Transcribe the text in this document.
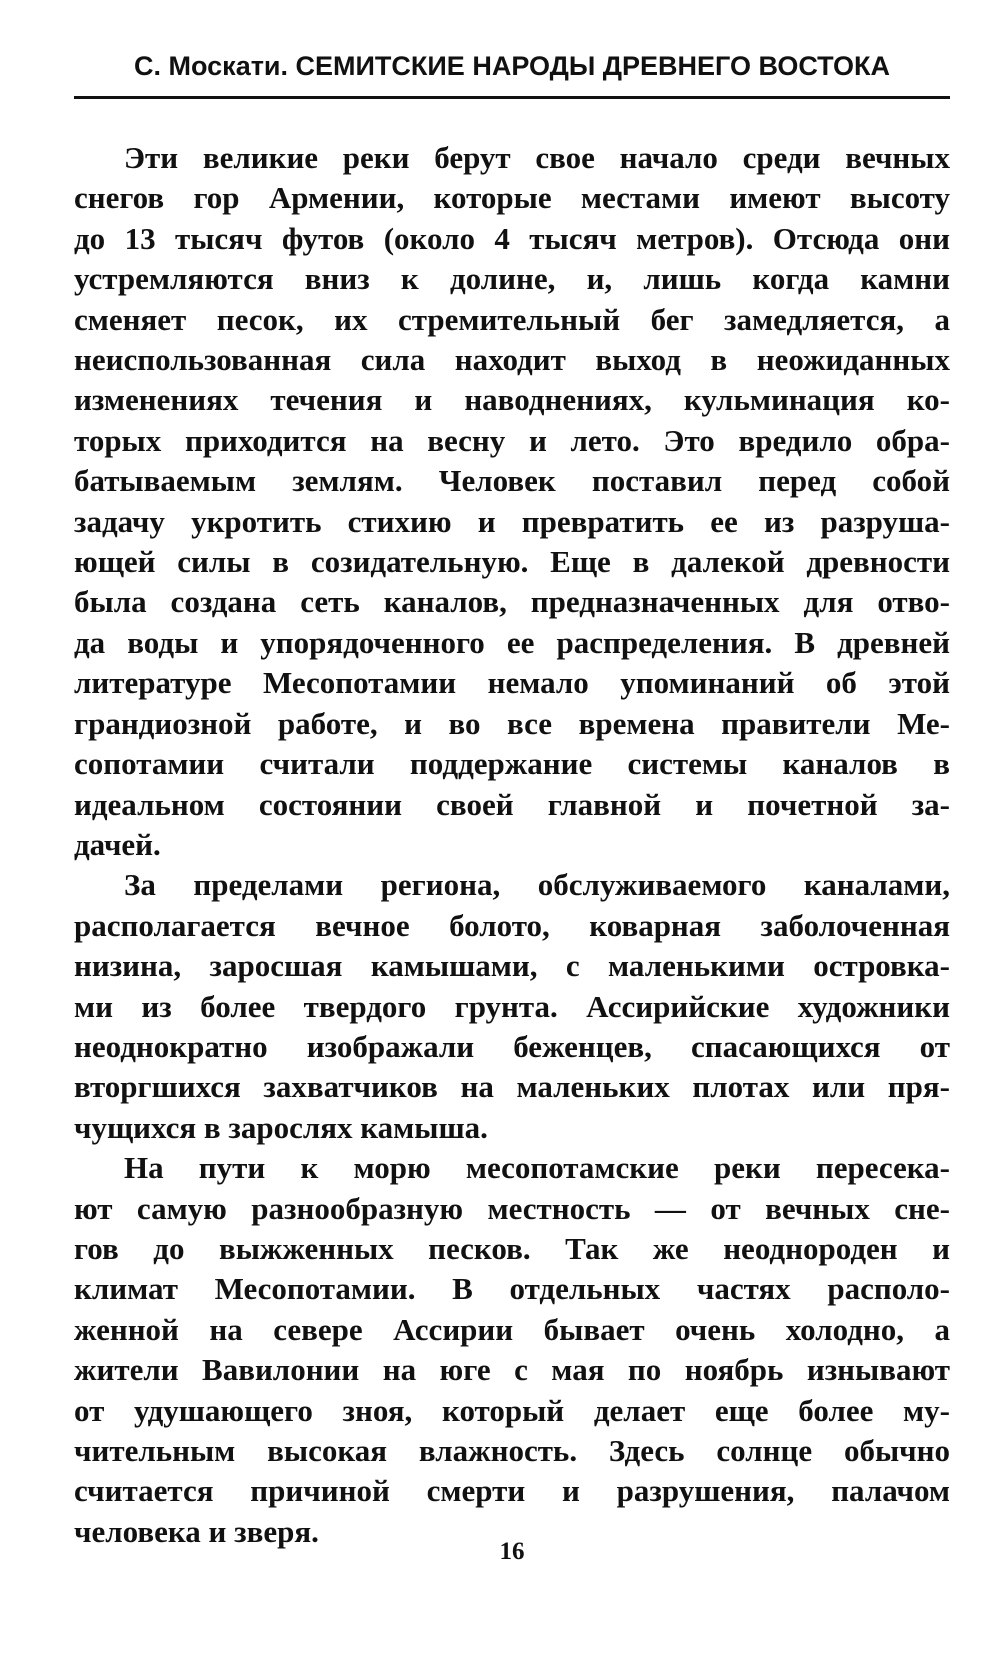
С. Москати. СЕМИТСКИЕ НАРОДЫ ДРЕВНЕГО ВОСТОКА
Эти великие реки берут свое начало среди вечных
снегов гор Армении, которые местами имеют высоту
до 13 тысяч футов (около 4 тысяч метров). Отсюда они
устремляются вниз к долине, и, лишь когда камни
сменяет песок, их стремительный бег замедляется, а
неиспользованная сила находит выход в неожиданных
изменениях течения и наводнениях, кульминация ко-
торых приходится на весну и лето. Это вредило обра-
батываемым землям. Человек поставил перед собой
задачу укротить стихию и превратить ее из разруша-
ющей силы в созидательную. Еще в далекой древности
была создана сеть каналов, предназначенных для отво-
да воды и упорядоченного ее распределения. В древней
литературе Месопотамии немало упоминаний об этой
грандиозной работе, и во все времена правители Ме-
сопотамии считали поддержание системы каналов в
идеальном состоянии своей главной и почетной за-
дачей.
За пределами региона, обслуживаемого каналами,
располагается вечное болото, коварная заболоченная
низина, заросшая камышами, с маленькими островка-
ми из более твердого грунта. Ассирийские художники
неоднократно изображали беженцев, спасающихся от
вторгшихся захватчиков на маленьких плотах или пря-
чущихся в зарослях камыша.
На пути к морю месопотамские реки пересека-
ют самую разнообразную местность — от вечных сне-
гов до выжженных песков. Так же неоднороден и
климат Месопотамии. В отдельных частях располо-
женной на севере Ассирии бывает очень холодно, а
жители Вавилонии на юге с мая по ноябрь изнывают
от удушающего зноя, который делает еще более му-
чительным высокая влажность. Здесь солнце обычно
считается причиной смерти и разрушения, палачом
человека и зверя.
16
